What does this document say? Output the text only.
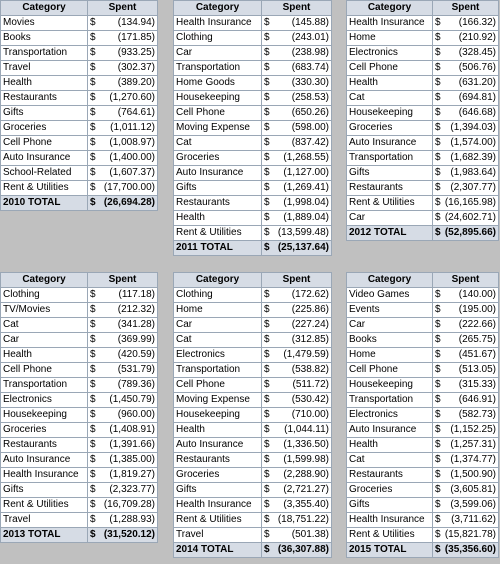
Category	Spent
Movies	$ (134.94)

Books	$ (171.85)

Transportation	$ (933.25)

Travel	$ (302.37)

Health	$ (389.20)

Restaurants	$ (1,270.60)

Gifts	$ (764.61)

Groceries	$ (1,011.12)

Cell Phone	$ (1,008.97)

Auto Insurance	$ (1,400.00)

School-Related	$ (1,607.37)

Rent & Utilities	$ (17,700.00)

2010 TOTAL	$ (26,694.28)
Category	Spent
Health Insurance	$ (145.88)

Clothing	$ (243.01)

Car	$ (238.98)

Transportation	$ (683.74)

Home Goods	$ (330.30)

Housekeeping	$ (258.53)

Cell Phone	$ (650.26)

Moving Expense	$ (598.00)

Cat	$ (837.42)

Groceries	$ (1,268.55)

Auto Insurance	$ (1,127.00)

Gifts	$ (1,269.41)

Restaurants	$ (1,998.04)

Health	$ (1,889.04)

Rent & Utilities	$ (13,599.48)

2011 TOTAL	$ (25,137.64)
Category	Spent
Health Insurance	$ (166.32)

Home	$ (210.92)

Electronics	$ (328.45)

Cell Phone	$ (506.76)

Health	$ (631.20)

Cat	$ (694.81)

Housekeeping	$ (646.68)

Groceries	$ (1,394.03)

Auto Insurance	$ (1,574.00)

Transportation	$ (1,682.39)

Gifts	$ (1,983.64)

Restaurants	$ (2,307.77)

Rent & Utilities	$ (16,165.98)

Car	$ (24,602.71)

2012 TOTAL	$ (52,895.66)
Category	Spent
Clothing	$ (117.18)

TV/Movies	$ (212.32)

Cat	$ (341.28)

Car	$ (369.99)

Health	$ (420.59)

Cell Phone	$ (531.79)

Transportation	$ (789.36)

Electronics	$ (1,450.79)

Housekeeping	$ (960.00)

Groceries	$ (1,408.91)

Restaurants	$ (1,391.66)

Auto Insurance	$ (1,385.00)

Health Insurance	$ (1,819.27)

Gifts	$ (2,323.77)

Rent & Utilities	$ (16,709.28)

Travel	$ (1,288.93)

2013 TOTAL	$ (31,520.12)
Category	Spent
Clothing	$ (172.62)

Home	$ (225.86)

Car	$ (227.24)

Cat	$ (312.85)

Electronics	$ (1,479.59)

Transportation	$ (538.82)

Cell Phone	$ (511.72)

Moving Expense	$ (530.42)

Housekeeping	$ (710.00)

Health	$ (1,044.11)

Auto Insurance	$ (1,336.50)

Restaurants	$ (1,599.98)

Groceries	$ (2,288.90)

Gifts	$ (2,721.27)

Health Insurance	$ (3,355.40)

Rent & Utilities	$ (18,751.22)

Travel	$ (501.38)

2014 TOTAL	$ (36,307.88)
Category	Spent
Video Games	$ (140.00)

Events	$ (195.00)

Car	$ (222.66)

Books	$ (265.75)

Home	$ (451.67)

Cell Phone	$ (513.05)

Housekeeping	$ (315.33)

Transportation	$ (646.91)

Electronics	$ (582.73)

Auto Insurance	$ (1,152.25)

Health	$ (1,257.31)

Cat	$ (1,374.77)

Restaurants	$ (1,500.90)

Groceries	$ (3,605.81)

Gifts	$ (3,599.06)

Health Insurance	$ (3,711.62)

Rent & Utilities	$ (15,821.78)

2015 TOTAL	$ (35,356.60)
